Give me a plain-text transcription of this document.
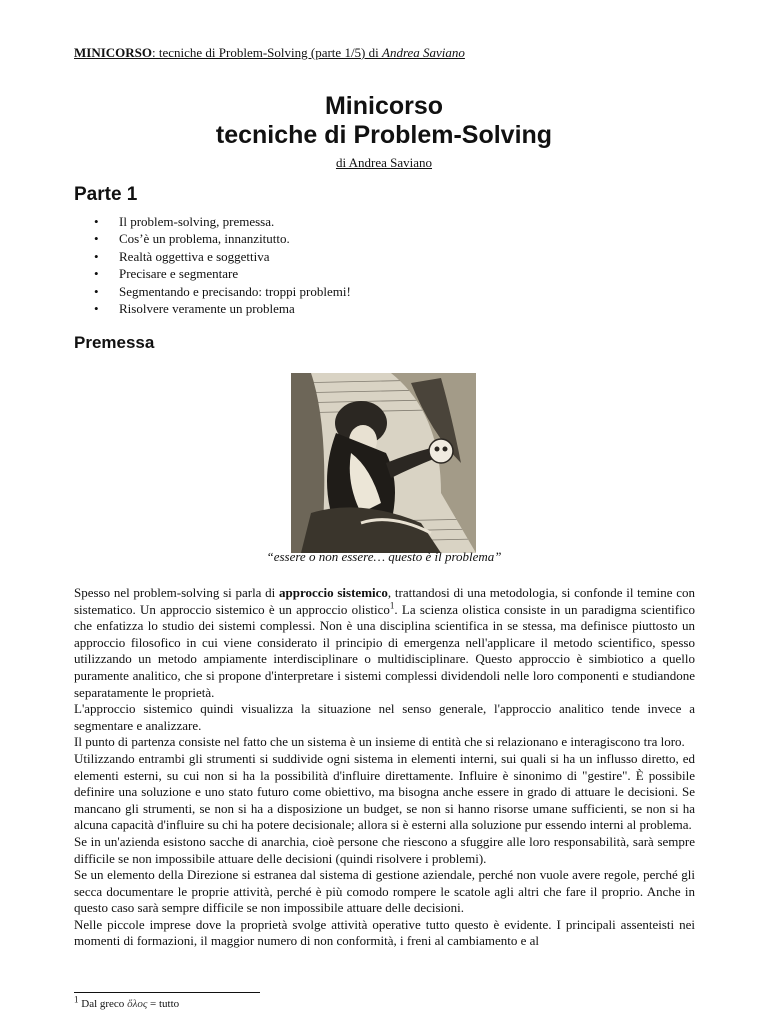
MINICORSO: tecniche di Problem-Solving (parte 1/5) di Andrea Saviano
Minicorso
tecniche di Problem-Solving
di Andrea Saviano
Parte 1
• Il problem-solving, premessa.
• Cos’è un problema, innanzitutto.
• Realtà oggettiva e soggettiva
• Precisare e segmentare
• Segmentando e precisando: troppi problemi!
• Risolvere veramente un problema
Premessa
“essere o non essere… questo è il problema”

Spesso nel problem-solving si parla di approccio sistemico, trattandosi di una metodologia, si confonde il temine con sistematico. Un approccio sistemico è un approccio olistico$^1$. La scienza olistica consiste in un paradigma scientifico che enfatizza lo studio dei sistemi complessi. Non è una disciplina scientifica in se stessa, ma definisce piuttosto un approccio filosofico in cui viene considerato il principio di emergenza nell'applicare il metodo scientifico, spesso utilizzando un metodo ampiamente interdisciplinare o multidisciplinare. Questo approccio è simbiotico a quello puramente analitico, che si propone d'interpretare i sistemi complessi dividendoli nelle loro componenti e studiandone separatamente le proprietà.

L'approccio sistemico quindi visualizza la situazione nel senso generale, l'approccio analitico tende invece a segmentare e analizzare.

Il punto di partenza consiste nel fatto che un sistema è un insieme di entità che si relazionano e interagiscono tra loro.

Utilizzando entrambi gli strumenti si suddivide ogni sistema in elementi interni, sui quali si ha un influsso diretto, ed elementi esterni, su cui non si ha la possibilità d'influire direttamente. Influire è sinonimo di "gestire". È possibile definire una soluzione e uno stato futuro come obiettivo, ma bisogna anche essere in grado di attuare le decisioni. Se mancano gli strumenti, se non si ha a disposizione un budget, se non si hanno risorse umane sufficienti, se non si ha alcuna capacità d'influire su chi ha potere decisionale; allora si è esterni alla soluzione pur essendo interni al problema.

Se in un'azienda esistono sacche di anarchia, cioè persone che riescono a sfuggire alle loro responsabilità, sarà sempre difficile se non impossibile attuare delle decisioni (quindi risolvere i problemi).

Se un elemento della Direzione si estranea dal sistema di gestione aziendale, perché non vuole avere regole, perché gli secca documentare le proprie attività, perché è più comodo rompere le scatole agli altri che fare il proprio. Anche in questo caso sarà sempre difficile se non impossibile attuare delle decisioni.

Nelle piccole imprese dove la proprietà svolge attività operative tutto questo è evidente. I principali assenteisti nei momenti di formazioni, il maggior numero di non conformità, i freni al cambiamento e al

$^1$ Dal greco ὅλος = tutto
